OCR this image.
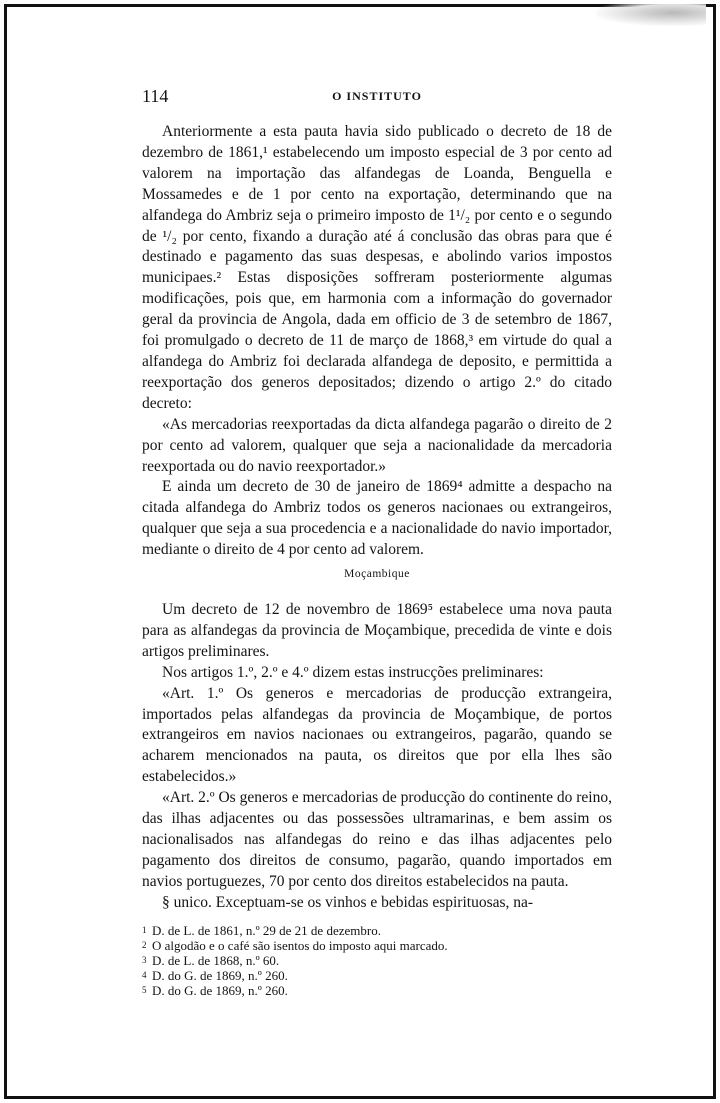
114	O INSTITUTO

Anteriormente a esta pauta havia sido publicado o decreto de 18 de dezembro de 1861,¹ estabelecendo um imposto especial de 3 por cento ad valorem na importação das alfandegas de Loanda, Benguella e Mossamedes e de 1 por cento na exportação, determinando que na alfandega do Ambriz seja o primeiro imposto de 1¹/₂ por cento e o segundo de ¹/₂ por cento, fixando a duração até á conclusão das obras para que é destinado e pagamento das suas despesas, e abolindo varios impostos municipaes.² Estas disposições soffreram posteriormente algumas modificações, pois que, em harmonia com a informação do governador geral da provincia de Angola, dada em officio de 3 de setembro de 1867, foi promulgado o decreto de 11 de março de 1868,³ em virtude do qual a alfandega do Ambriz foi declarada alfandega de deposito, e permittida a reexportação dos generos depositados; dizendo o artigo 2.º do citado decreto:

«As mercadorias reexportadas da dicta alfandega pagarão o direito de 2 por cento ad valorem, qualquer que seja a nacionalidade da mercadoria reexportada ou do navio reexportador.»

E ainda um decreto de 30 de janeiro de 1869⁴ admitte a despacho na citada alfandega do Ambriz todos os generos nacionaes ou extrangeiros, qualquer que seja a sua procedencia e a nacionalidade do navio importador, mediante o direito de 4 por cento ad valorem.

Moçambique

Um decreto de 12 de novembro de 1869⁵ estabelece uma nova pauta para as alfandegas da provincia de Moçambique, precedida de vinte e dois artigos preliminares.

Nos artigos 1.º, 2.º e 4.º dizem estas instrucções preliminares:

«Art. 1.º Os generos e mercadorias de producção extrangeira, importados pelas alfandegas da provincia de Moçambique, de portos extrangeiros em navios nacionaes ou extrangeiros, pagarão, quando se acharem mencionados na pauta, os direitos que por ella lhes são estabelecidos.»

«Art. 2.º Os generos e mercadorias de producção do continente do reino, das ilhas adjacentes ou das possessões ultramarinas, e bem assim os nacionalisados nas alfandegas do reino e das ilhas adjacentes pelo pagamento dos direitos de consumo, pagarão, quando importados em navios portuguezes, 70 por cento dos direitos estabelecidos na pauta.

§ unico. Exceptuam-se os vinhos e bebidas espirituosas, na-

1 D. de L. de 1861, n.º 29 de 21 de dezembro.
2 O algodão e o café são isentos do imposto aqui marcado.
3 D. de L. de 1868, n.º 60.
4 D. do G. de 1869, n.º 260.
5 D. do G. de 1869, n.º 260.
